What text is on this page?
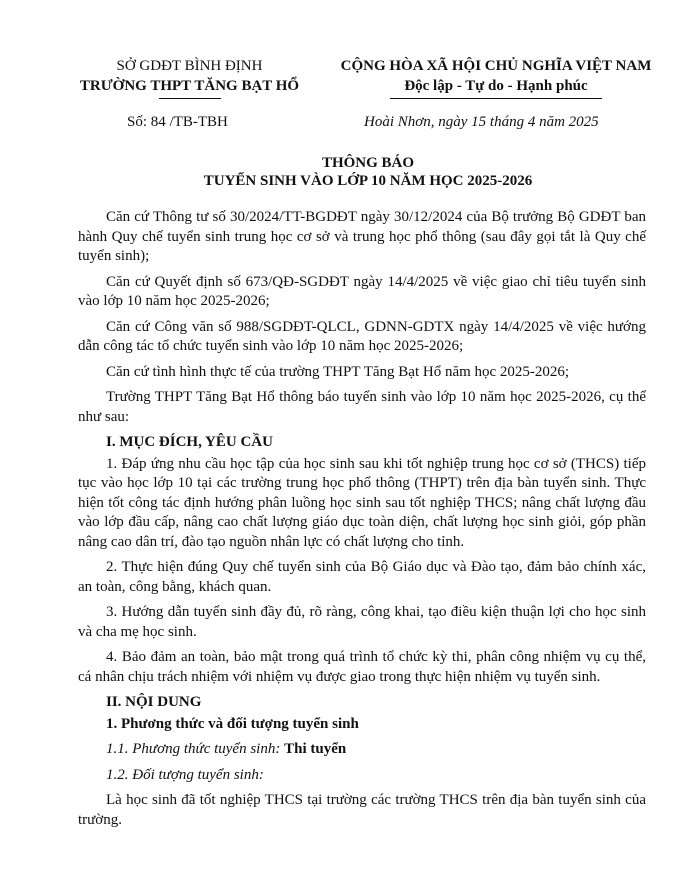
SỞ GDĐT BÌNH ĐỊNH
TRƯỜNG THPT TĂNG BẠT HỔ
CỘNG HÒA XÃ HỘI CHỦ NGHĨA VIỆT NAM
Độc lập - Tự do - Hạnh phúc
Số: 84 /TB-TBH	Hoài Nhơn, ngày 15 tháng 4 năm 2025
THÔNG BÁO
TUYỂN SINH VÀO LỚP 10 NĂM HỌC 2025-2026

Căn cứ Thông tư số 30/2024/TT-BGDĐT ngày 30/12/2024 của Bộ trưởng Bộ GDĐT ban hành Quy chế tuyển sinh trung học cơ sở và trung học phổ thông (sau đây gọi tắt là Quy chế tuyển sinh);

Căn cứ Quyết định số 673/QĐ-SGDĐT ngày 14/4/2025 về việc giao chỉ tiêu tuyển sinh vào lớp 10 năm học 2025-2026;

Căn cứ Công văn số 988/SGDĐT-QLCL, GDNN-GDTX ngày 14/4/2025 về việc hướng dẫn công tác tổ chức tuyển sinh vào lớp 10 năm học 2025-2026;

Căn cứ tình hình thực tế của trường THPT Tăng Bạt Hổ năm học 2025-2026;

Trường THPT Tăng Bạt Hổ thông báo tuyển sinh vào lớp 10 năm học 2025-2026, cụ thể như sau:

I. MỤC ĐÍCH, YÊU CẦU

1. Đáp ứng nhu cầu học tập của học sinh sau khi tốt nghiệp trung học cơ sở (THCS) tiếp tục vào học lớp 10 tại các trường trung học phổ thông (THPT) trên địa bàn tuyển sinh. Thực hiện tốt công tác định hướng phân luồng học sinh sau tốt nghiệp THCS; nâng chất lượng đầu vào lớp đầu cấp, nâng cao chất lượng giáo dục toàn diện, chất lượng học sinh giỏi, góp phần nâng cao dân trí, đào tạo nguồn nhân lực có chất lượng cho tỉnh.

2. Thực hiện đúng Quy chế tuyển sinh của Bộ Giáo dục và Đào tạo, đảm bảo chính xác, an toàn, công bằng, khách quan.

3. Hướng dẫn tuyển sinh đầy đủ, rõ ràng, công khai, tạo điều kiện thuận lợi cho học sinh và cha mẹ học sinh.

4. Bảo đảm an toàn, bảo mật trong quá trình tổ chức kỳ thi, phân công nhiệm vụ cụ thể, cá nhân chịu trách nhiệm với nhiệm vụ được giao trong thực hiện nhiệm vụ tuyển sinh.

II. NỘI DUNG

1. Phương thức và đối tượng tuyển sinh

1.1. Phương thức tuyển sinh: Thi tuyển

1.2. Đối tượng tuyển sinh:

Là học sinh đã tốt nghiệp THCS tại trường các trường THCS trên địa bàn tuyển sinh của trường.
